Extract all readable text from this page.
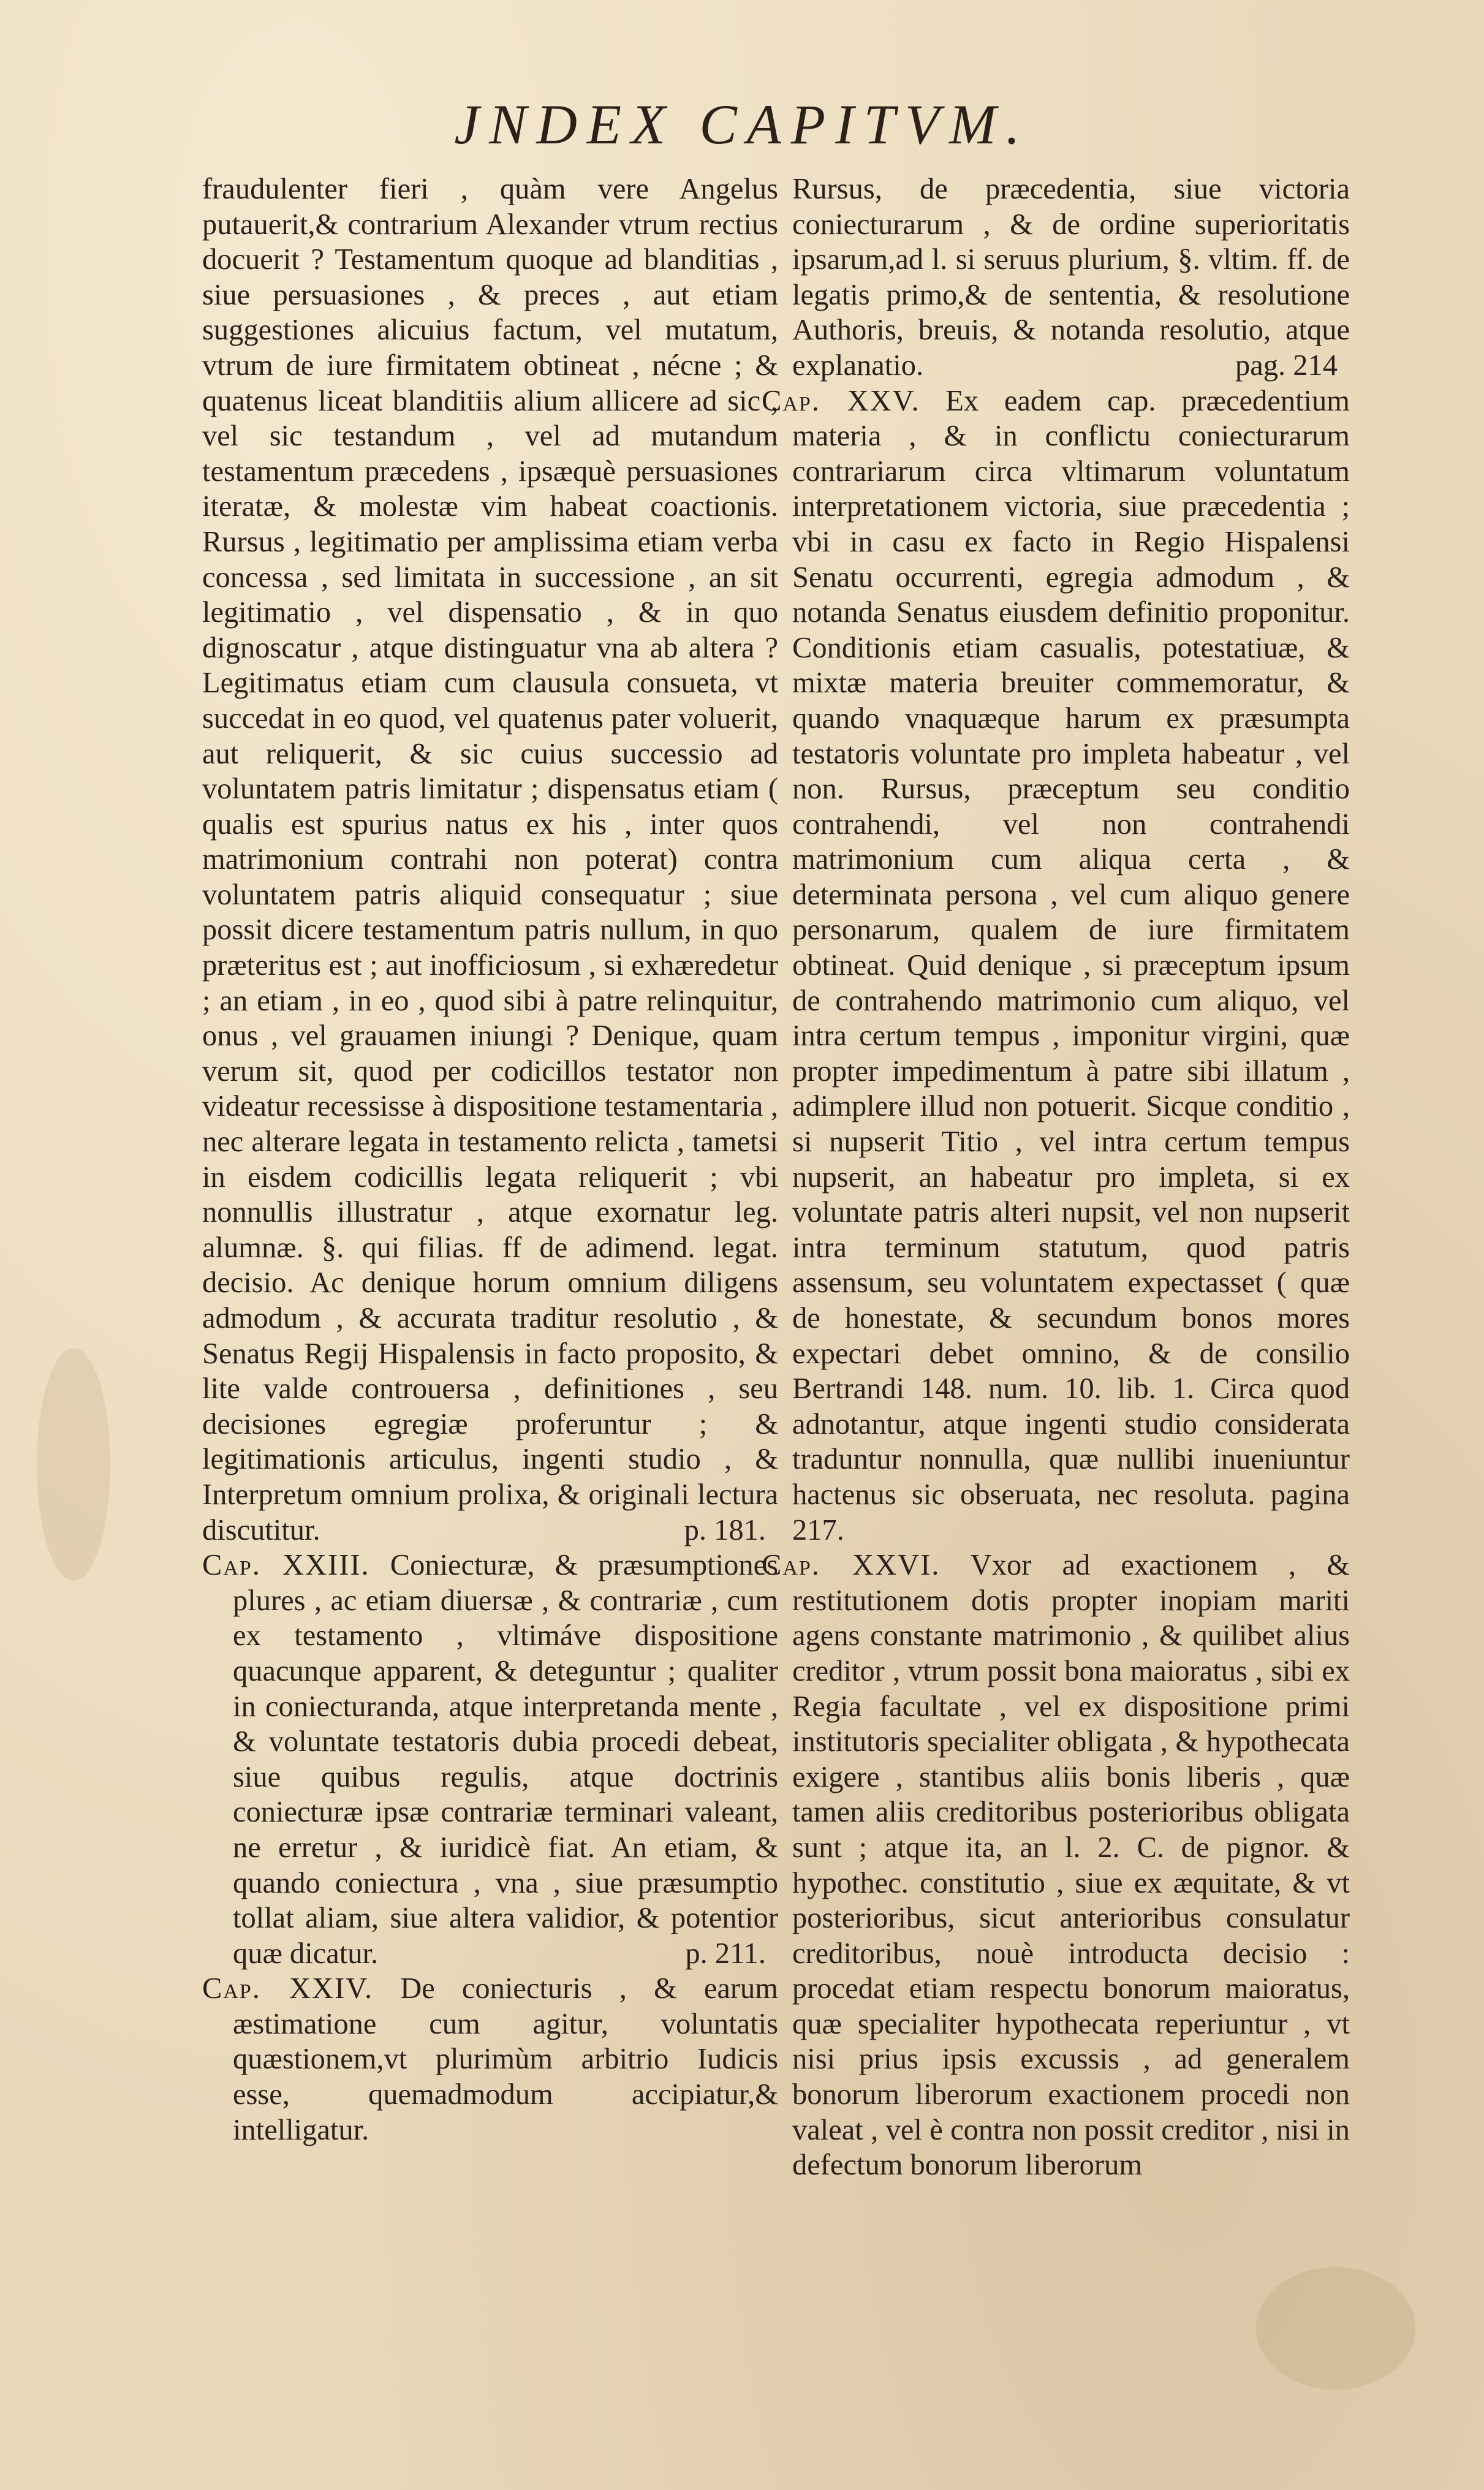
JNDEX CAPITVM.

fraudulenter fieri , quàm vere Angelus putauerit,& contrarium Alexander vtrum rectius docuerit ? Testamentum quoque ad blanditias , siue persuasiones , & preces , aut etiam suggestiones alicuius factum, vel mutatum, vtrum de iure firmitatem obtineat , nécne ; & quatenus liceat blanditiis alium allicere ad sic , vel sic testandum , vel ad mutandum testamentum præcedens , ipsæquè persuasiones iteratæ, & molestæ vim habeat coactionis. Rursus , legitimatio per amplissima etiam verba concessa , sed limitata in successione , an sit legitimatio , vel dispensatio , & in quo dignoscatur , atque distinguatur vna ab altera ? Legitimatus etiam cum clausula consueta, vt succedat in eo quod, vel quatenus pater voluerit, aut reliquerit, & sic cuius successio ad voluntatem patris limitatur ; dispensatus etiam ( qualis est spurius natus ex his , inter quos matrimonium contrahi non poterat) contra voluntatem patris aliquid consequatur ; siue possit dicere testamentum patris nullum, in quo præteritus est ; aut inofficiosum , si exhæredetur ; an etiam , in eo , quod sibi à patre relinquitur, onus , vel grauamen iniungi ? Denique, quam verum sit, quod per codicillos testator non videatur recessisse à dispositione testamentaria , nec alterare legata in testamento relicta , tametsi in eisdem codicillis legata reliquerit ; vbi nonnullis illustratur , atque exornatur leg. alumnæ. §. qui filias. ff de adimend. legat. decisio. Ac denique horum omnium diligens admodum , & accurata traditur resolutio , & Senatus Regij Hispalensis in facto proposito, & lite valde controuersa , definitiones , seu decisiones egregiæ proferuntur ; & legitimationis articulus, ingenti studio , & Interpretum omnium prolixa, & originali lectura discutitur.	p. 181.

Cap. XXIII. Coniecturæ, & præsumptiones plures , ac etiam diuersæ , & contrariæ , cum ex testamento , vltimáve dispositione quacunque apparent, & deteguntur ; qualiter in coniecturanda, atque interpretanda mente , & voluntate testatoris dubia procedi debeat, siue quibus regulis, atque doctrinis coniecturæ ipsæ contrariæ terminari valeant, ne erretur , & iuridicè fiat. An etiam, & quando coniectura , vna , siue præsumptio tollat aliam, siue altera validior, & potentior quæ dicatur.	p. 211.

Cap. XXIV. De coniecturis , & earum æstimatione cum agitur, voluntatis quæstionem,vt plurimùm arbitrio Iudicis esse, quemadmodum accipiatur,& intelligatur.

Rursus, de præcedentia, siue victoria coniecturarum , & de ordine superioritatis ipsarum,ad l. si seruus plurium, §. vltim. ff. de legatis primo,& de sententia, & resolutione Authoris, breuis, & notanda resolutio, atque explanatio.	pag. 214

Cap. XXV. Ex eadem cap. præcedentium materia , & in conflictu coniecturarum contrariarum circa vltimarum voluntatum interpretationem victoria, siue præcedentia ; vbi in casu ex facto in Regio Hispalensi Senatu occurrenti, egregia admodum , & notanda Senatus eiusdem definitio proponitur. Conditionis etiam casualis, potestatiuæ, & mixtæ materia breuiter commemoratur, & quando vnaquæque harum ex præsumpta testatoris voluntate pro impleta habeatur , vel non. Rursus, præceptum seu conditio contrahendi, vel non contrahendi matrimonium cum aliqua certa , & determinata persona , vel cum aliquo genere personarum, qualem de iure firmitatem obtineat. Quid denique , si præceptum ipsum de contrahendo matrimonio cum aliquo, vel intra certum tempus , imponitur virgini, quæ propter impedimentum à patre sibi illatum , adimplere illud non potuerit. Sicque conditio , si nupserit Titio , vel intra certum tempus nupserit, an habeatur pro impleta, si ex voluntate patris alteri nupsit, vel non nupserit intra terminum statutum, quod patris assensum, seu voluntatem expectasset ( quæ de honestate, & secundum bonos mores expectari debet omnino, & de consilio Bertrandi 148. num. 10. lib. 1. Circa quod adnotantur, atque ingenti studio considerata traduntur nonnulla, quæ nullibi inueniuntur hactenus sic obseruata, nec resoluta. pagina 217.

Cap. XXVI. Vxor ad exactionem , & restitutionem dotis propter inopiam mariti agens constante matrimonio , & quilibet alius creditor , vtrum possit bona maioratus , sibi ex Regia facultate , vel ex dispositione primi institutoris specialiter obligata , & hypothecata exigere , stantibus aliis bonis liberis , quæ tamen aliis creditoribus posterioribus obligata sunt ; atque ita, an l. 2. C. de pignor. & hypothec. constitutio , siue ex æquitate, & vt posterioribus, sicut anterioribus consulatur creditoribus, nouè introducta decisio : procedat etiam respectu bonorum maioratus, quæ specialiter hypothecata reperiuntur , vt nisi prius ipsis excussis , ad generalem bonorum liberorum exactionem procedi non valeat , vel è contra non possit creditor , nisi in defectum bonorum liberorum
